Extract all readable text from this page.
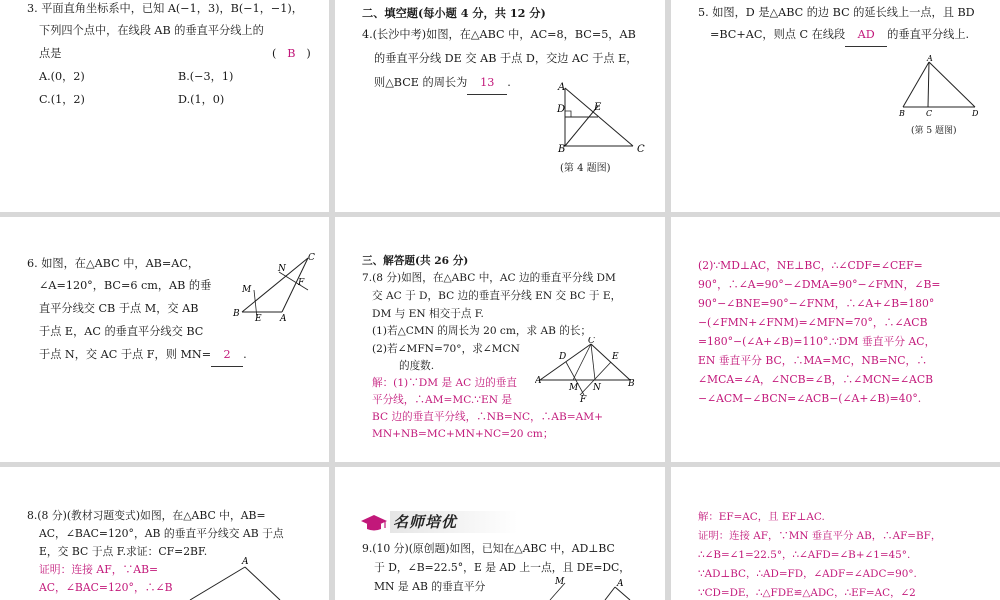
3. 平面直角坐标系中，已知 A(−1，3)，B(−1，−1)，
下列四个点中，在线段 AB 的垂直平分线上的
点是	( B )
A.(0，2)	B.(−3，1)
C.(1，2)	D.(1，0)
二、填空题(每小题 4 分，共 12 分)
4.(长沙中考)如图，在△ABC 中，AC=8，BC=5，AB
的垂直平分线 DE 交 AB 于点 D，交边 AC 于点 E，
则△BCE 的周长为 13 .	A
D	E
B	C
(第 4 题图)
5. 如图，D 是△ABC 的边 BC 的延长线上一点，且 BD
=BC+AC，则点 C 在线段 AD 的垂直平分线上.
A
B	C	D
(第 5 题图)
6. 如图，在△ABC 中，AB=AC，
∠A=120°，BC=6 cm，AB 的垂
直平分线交 CB 于点 M，交 AB
于点 E，AC 的垂直平分线交 BC
于点 N，交 AC 于点 F，则 MN= 2 .
C
N
M
F
B E A
三、解答题(共 26 分)
7.(8 分)如图，在△ABC 中，AC 边的垂直平分线 DM
交 AC 于 D，BC 边的垂直平分线 EN 交 BC 于 E，
DM 与 EN 相交于点 F.
(1)若△CMN 的周长为 20 cm，求 AB 的长；
(2)若∠MFN=70°，求∠MCN
的度数.
解：(1)∵DM 是 AC 边的垂直
平分线，∴AM=MC.∵EN 是
BC 边的垂直平分线，∴NB=NC，∴AB=AM+
MN+NB=MC+MN+NC=20 cm；
C
D	E
A
M N	B
F
(2)∵MD⊥AC，NE⊥BC，∴∠CDF=∠CEF=
90°，∴∠A=90°−∠DMA=90°−∠FMN，∠B=
90°−∠BNE=90°−∠FNM，∴∠A+∠B=180°
−(∠FMN+∠FNM)=∠MFN=70°，∴∠ACB
=180°−(∠A+∠B)=110°.∵DM 垂直平分 AC，
EN 垂直平分 BC，∴MA=MC，NB=NC，∴
∠MCA=∠A，∠NCB=∠B，∴∠MCN=∠ACB
−∠ACM−∠BCN=∠ACB−(∠A+∠B)=40°.
8.(8 分)(教材习题变式)如图，在△ABC 中，AB=
AC，∠BAC=120°，AB 的垂直平分线交 AB 于点
E，交 BC 于点 F.求证：CF=2BF.
证明：连接 AF，∵AB=
AC，∠BAC=120°，∴∠B
A
名师培优
9.(10 分)(原创题)如图，已知在△ABC 中，AD⊥BC
于 D，∠B=22.5°，E 是 AD 上一点，且 DE=DC，
MN 是 AB 的垂直平分	M	A
解：EF=AC，且 EF⊥AC.
证明：连接 AF，∵MN 垂直平分 AB，∴AF=BF，
∴∠B=∠1=22.5°，∴∠AFD=∠B+∠1=45°.
∵AD⊥BC，∴AD=FD，∠ADF=∠ADC=90°.
∵CD=DE，∴△FDE≌△ADC，∴EF=AC，∠2
